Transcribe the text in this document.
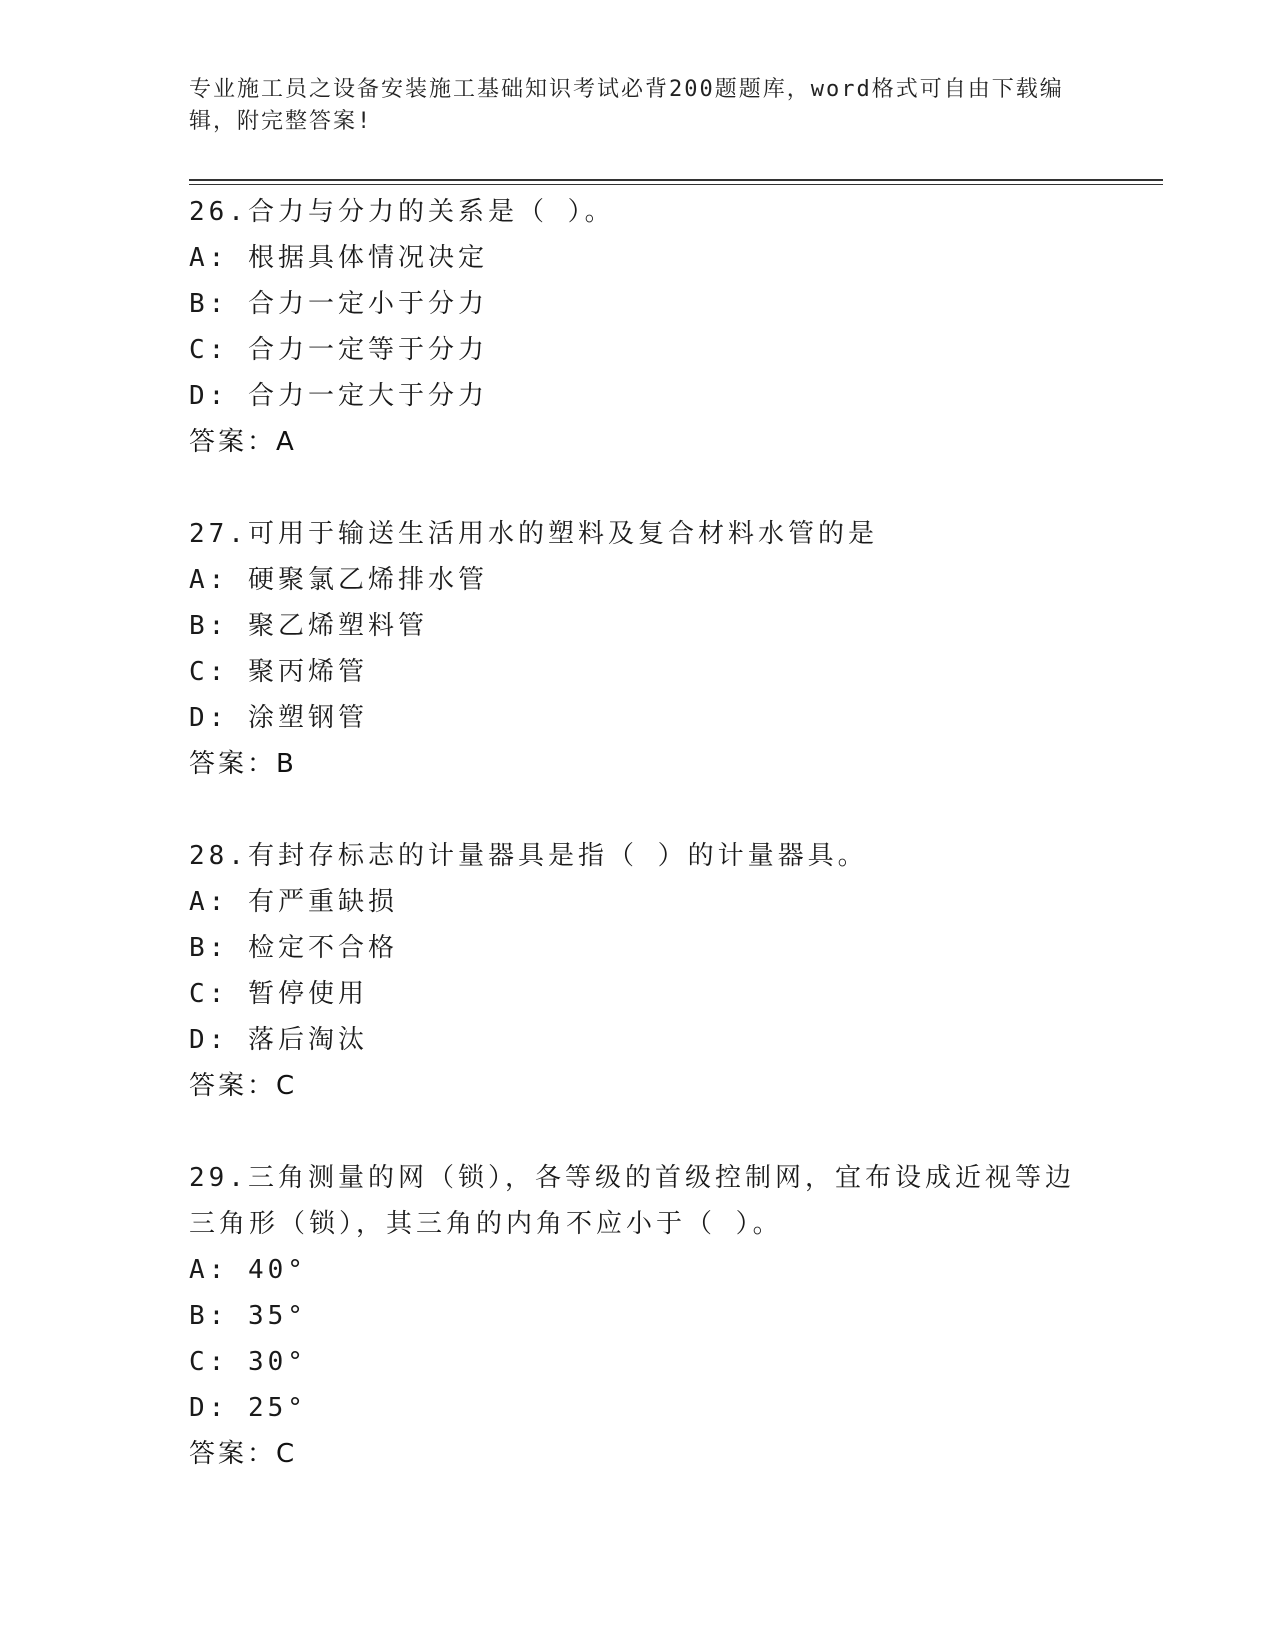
专业施工员之设备安装施工基础知识考试必背200题题库，word格式可自由下载编辑，附完整答案!
26.合力与分力的关系是（ ）。
A: 根据具体情况决定
B: 合力一定小于分力
C: 合力一定等于分力
D: 合力一定大于分力
答案：A
27.可用于输送生活用水的塑料及复合材料水管的是
A: 硬聚氯乙烯排水管
B: 聚乙烯塑料管
C: 聚丙烯管
D: 涂塑钢管
答案：B
28.有封存标志的计量器具是指（ ）的计量器具。
A: 有严重缺损
B: 检定不合格
C: 暂停使用
D: 落后淘汰
答案：C
29.三角测量的网（锁），各等级的首级控制网，宜布设成近视等边三角形（锁），其三角的内角不应小于（ ）。
A: 40°
B: 35°
C: 30°
D: 25°
答案：C
